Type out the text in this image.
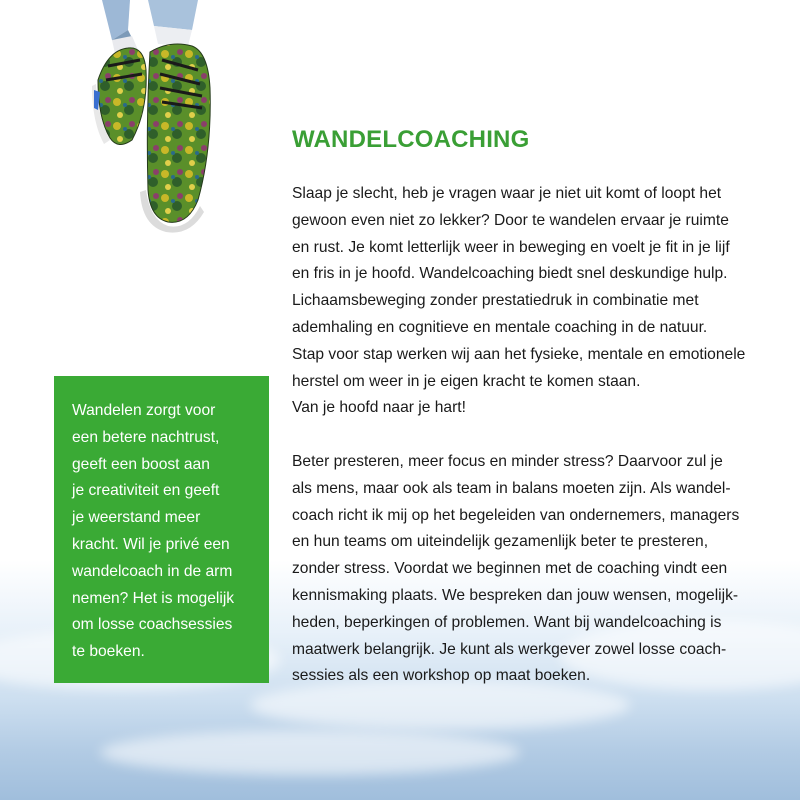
WANDELCOACHING

Slaap je slecht, heb je vragen waar je niet uit komt of loopt het
gewoon even niet zo lekker? Door te wandelen ervaar je ruimte
en rust. Je komt letterlijk weer in beweging en voelt je fit in je lijf
en fris in je hoofd. Wandelcoaching biedt snel deskundige hulp.
Lichaamsbeweging zonder prestatiedruk in combinatie met
ademhaling en cognitieve en mentale coaching in de natuur.
Stap voor stap werken wij aan het fysieke, mentale en emotionele
herstel om weer in je eigen kracht te komen staan.
Van je hoofd naar je hart!

Beter presteren, meer focus en minder stress? Daarvoor zul je
als mens, maar ook als team in balans moeten zijn. Als wandel-
coach richt ik mij op het begeleiden van ondernemers, managers
en hun teams om uiteindelijk gezamenlijk beter te presteren,
zonder stress. Voordat we beginnen met de coaching vindt een
kennismaking plaats. We bespreken dan jouw wensen, mogelijk-
heden, beperkingen of problemen. Want bij wandelcoaching is
maatwerk belangrijk. Je kunt als werkgever zowel losse coach-
sessies als een workshop op maat boeken.

Wandelen zorgt voor
een betere nachtrust,
geeft een boost aan
je creativiteit en geeft
je weerstand meer
kracht. Wil je privé een
wandelcoach in de arm
nemen? Het is mogelijk
om losse coachsessies
te boeken.
